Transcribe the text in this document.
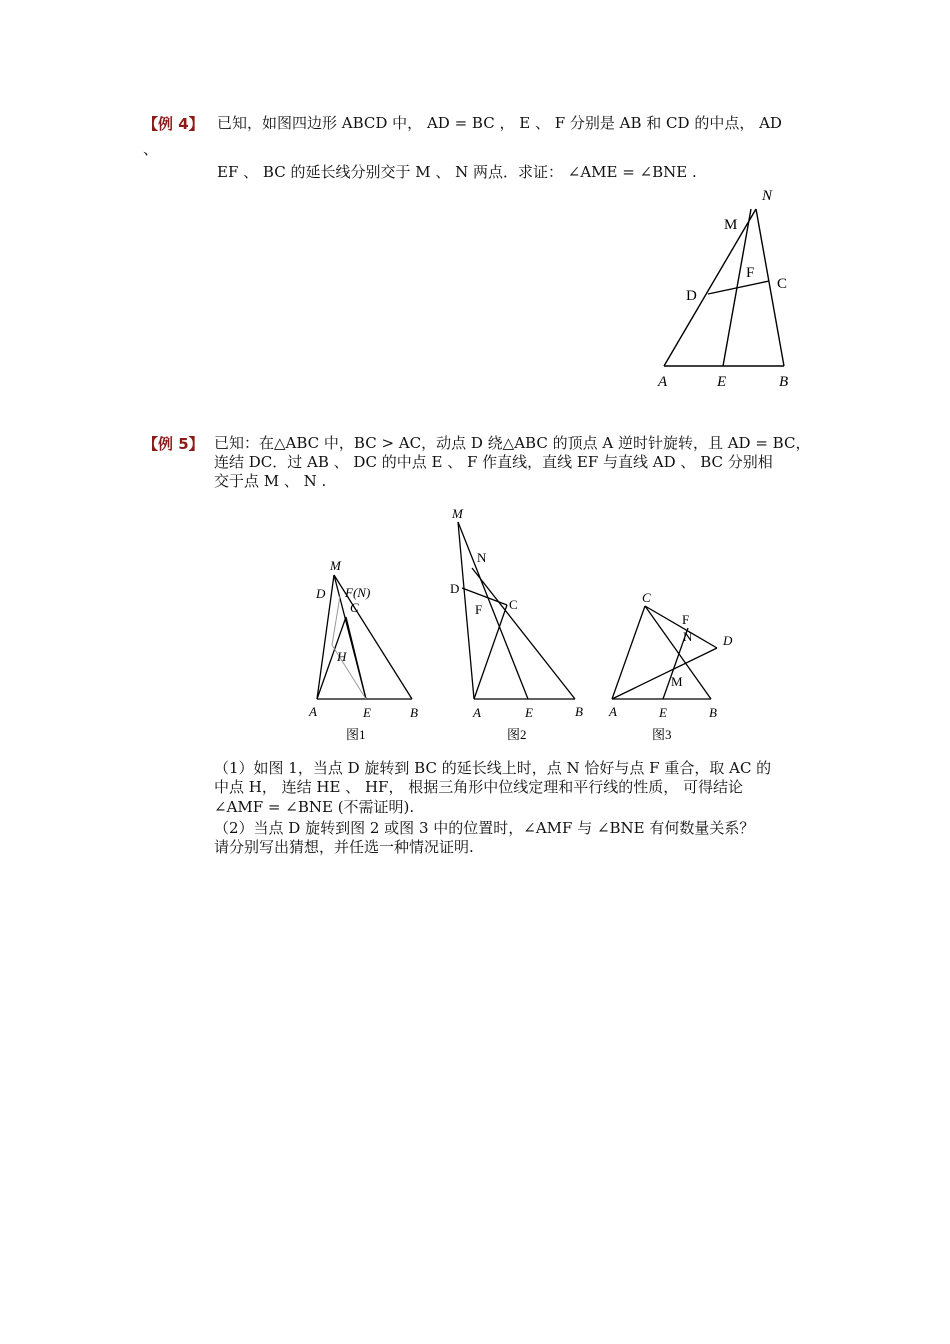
【例 4】 已知，如图四边形 ABCD 中， AD = BC ， E 、 F 分别是 AB 和 CD 的中点， AD
、
EF 、 BC 的延长线分别交于 M 、 N 两点．求证： ∠AME = ∠BNE .
N
M
F
C
D
A	E	B
【例 5】 已知：在△ABC 中，BC > AC，动点 D 绕△ABC 的顶点 A 逆时针旋转，且 AD = BC，
连结 DC．过 AB 、 DC 的中点 E 、 F 作直线，直线 EF 与直线 AD 、 BC 分别相
交于点 M 、 N .
M
D F(N)
C
H
A	E	B
图1
M
N
D
F C
A	E	B
图2
C
F
N D
M
A	E	B
图3
（1）如图 1，当点 D 旋转到 BC 的延长线上时，点 N 恰好与点 F 重合，取 AC 的
中点 H， 连结 HE 、 HF， 根据三角形中位线定理和平行线的性质， 可得结论
∠AMF = ∠BNE (不需证明).
（2）当点 D 旋转到图 2 或图 3 中的位置时，∠AMF 与 ∠BNE 有何数量关系？
请分别写出猜想，并任选一种情况证明.
